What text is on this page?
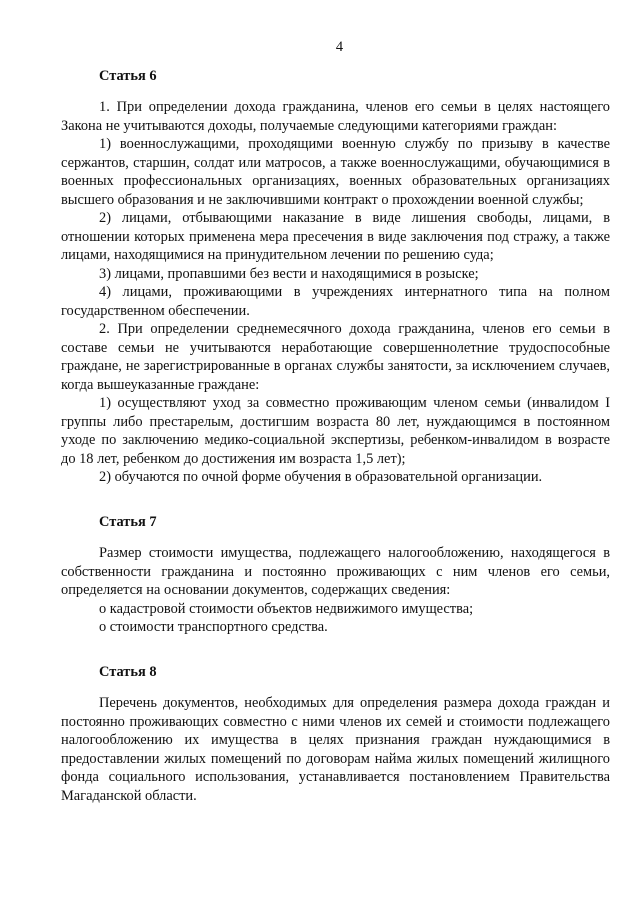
4
Статья 6

1. При определении дохода гражданина, членов его семьи в целях настоящего Закона не учитываются доходы, получаемые следующими категориями граждан:

1) военнослужащими, проходящими военную службу по призыву в качестве сержантов, старшин, солдат или матросов, а также военнослужащими, обучающимися в военных профессиональных организациях, военных образовательных организациях высшего образования и не заключившими контракт о прохождении военной службы;

2) лицами, отбывающими наказание в виде лишения свободы, лицами, в отношении которых применена мера пресечения в виде заключения под стражу, а также лицами, находящимися на принудительном лечении по решению суда;

3) лицами, пропавшими без вести и находящимися в розыске;

4) лицами, проживающими в учреждениях интернатного типа на полном государственном обеспечении.

2. При определении среднемесячного дохода гражданина, членов его семьи в составе семьи не учитываются неработающие совершеннолетние трудоспособные граждане, не зарегистрированные в органах службы занятости, за исключением случаев, когда вышеуказанные граждане:

1) осуществляют уход за совместно проживающим членом семьи (инвалидом I группы либо престарелым, достигшим возраста 80 лет, нуждающимся в постоянном уходе по заключению медико-социальной экспертизы, ребенком-инвалидом в возрасте до 18 лет, ребенком до достижения им возраста 1,5 лет);

2) обучаются по очной форме обучения в образовательной организации.

Статья 7

Размер стоимости имущества, подлежащего налогообложению, находящегося в собственности гражданина и постоянно проживающих с ним членов его семьи, определяется на основании документов, содержащих сведения:

о кадастровой стоимости объектов недвижимого имущества;

о стоимости транспортного средства.

Статья 8

Перечень документов, необходимых для определения размера дохода граждан и постоянно проживающих совместно с ними членов их семей и стоимости подлежащего налогообложению их имущества в целях признания граждан нуждающимися в предоставлении жилых помещений по договорам найма жилых помещений жилищного фонда социального использования, устанавливается постановлением Правительства Магаданской области.
